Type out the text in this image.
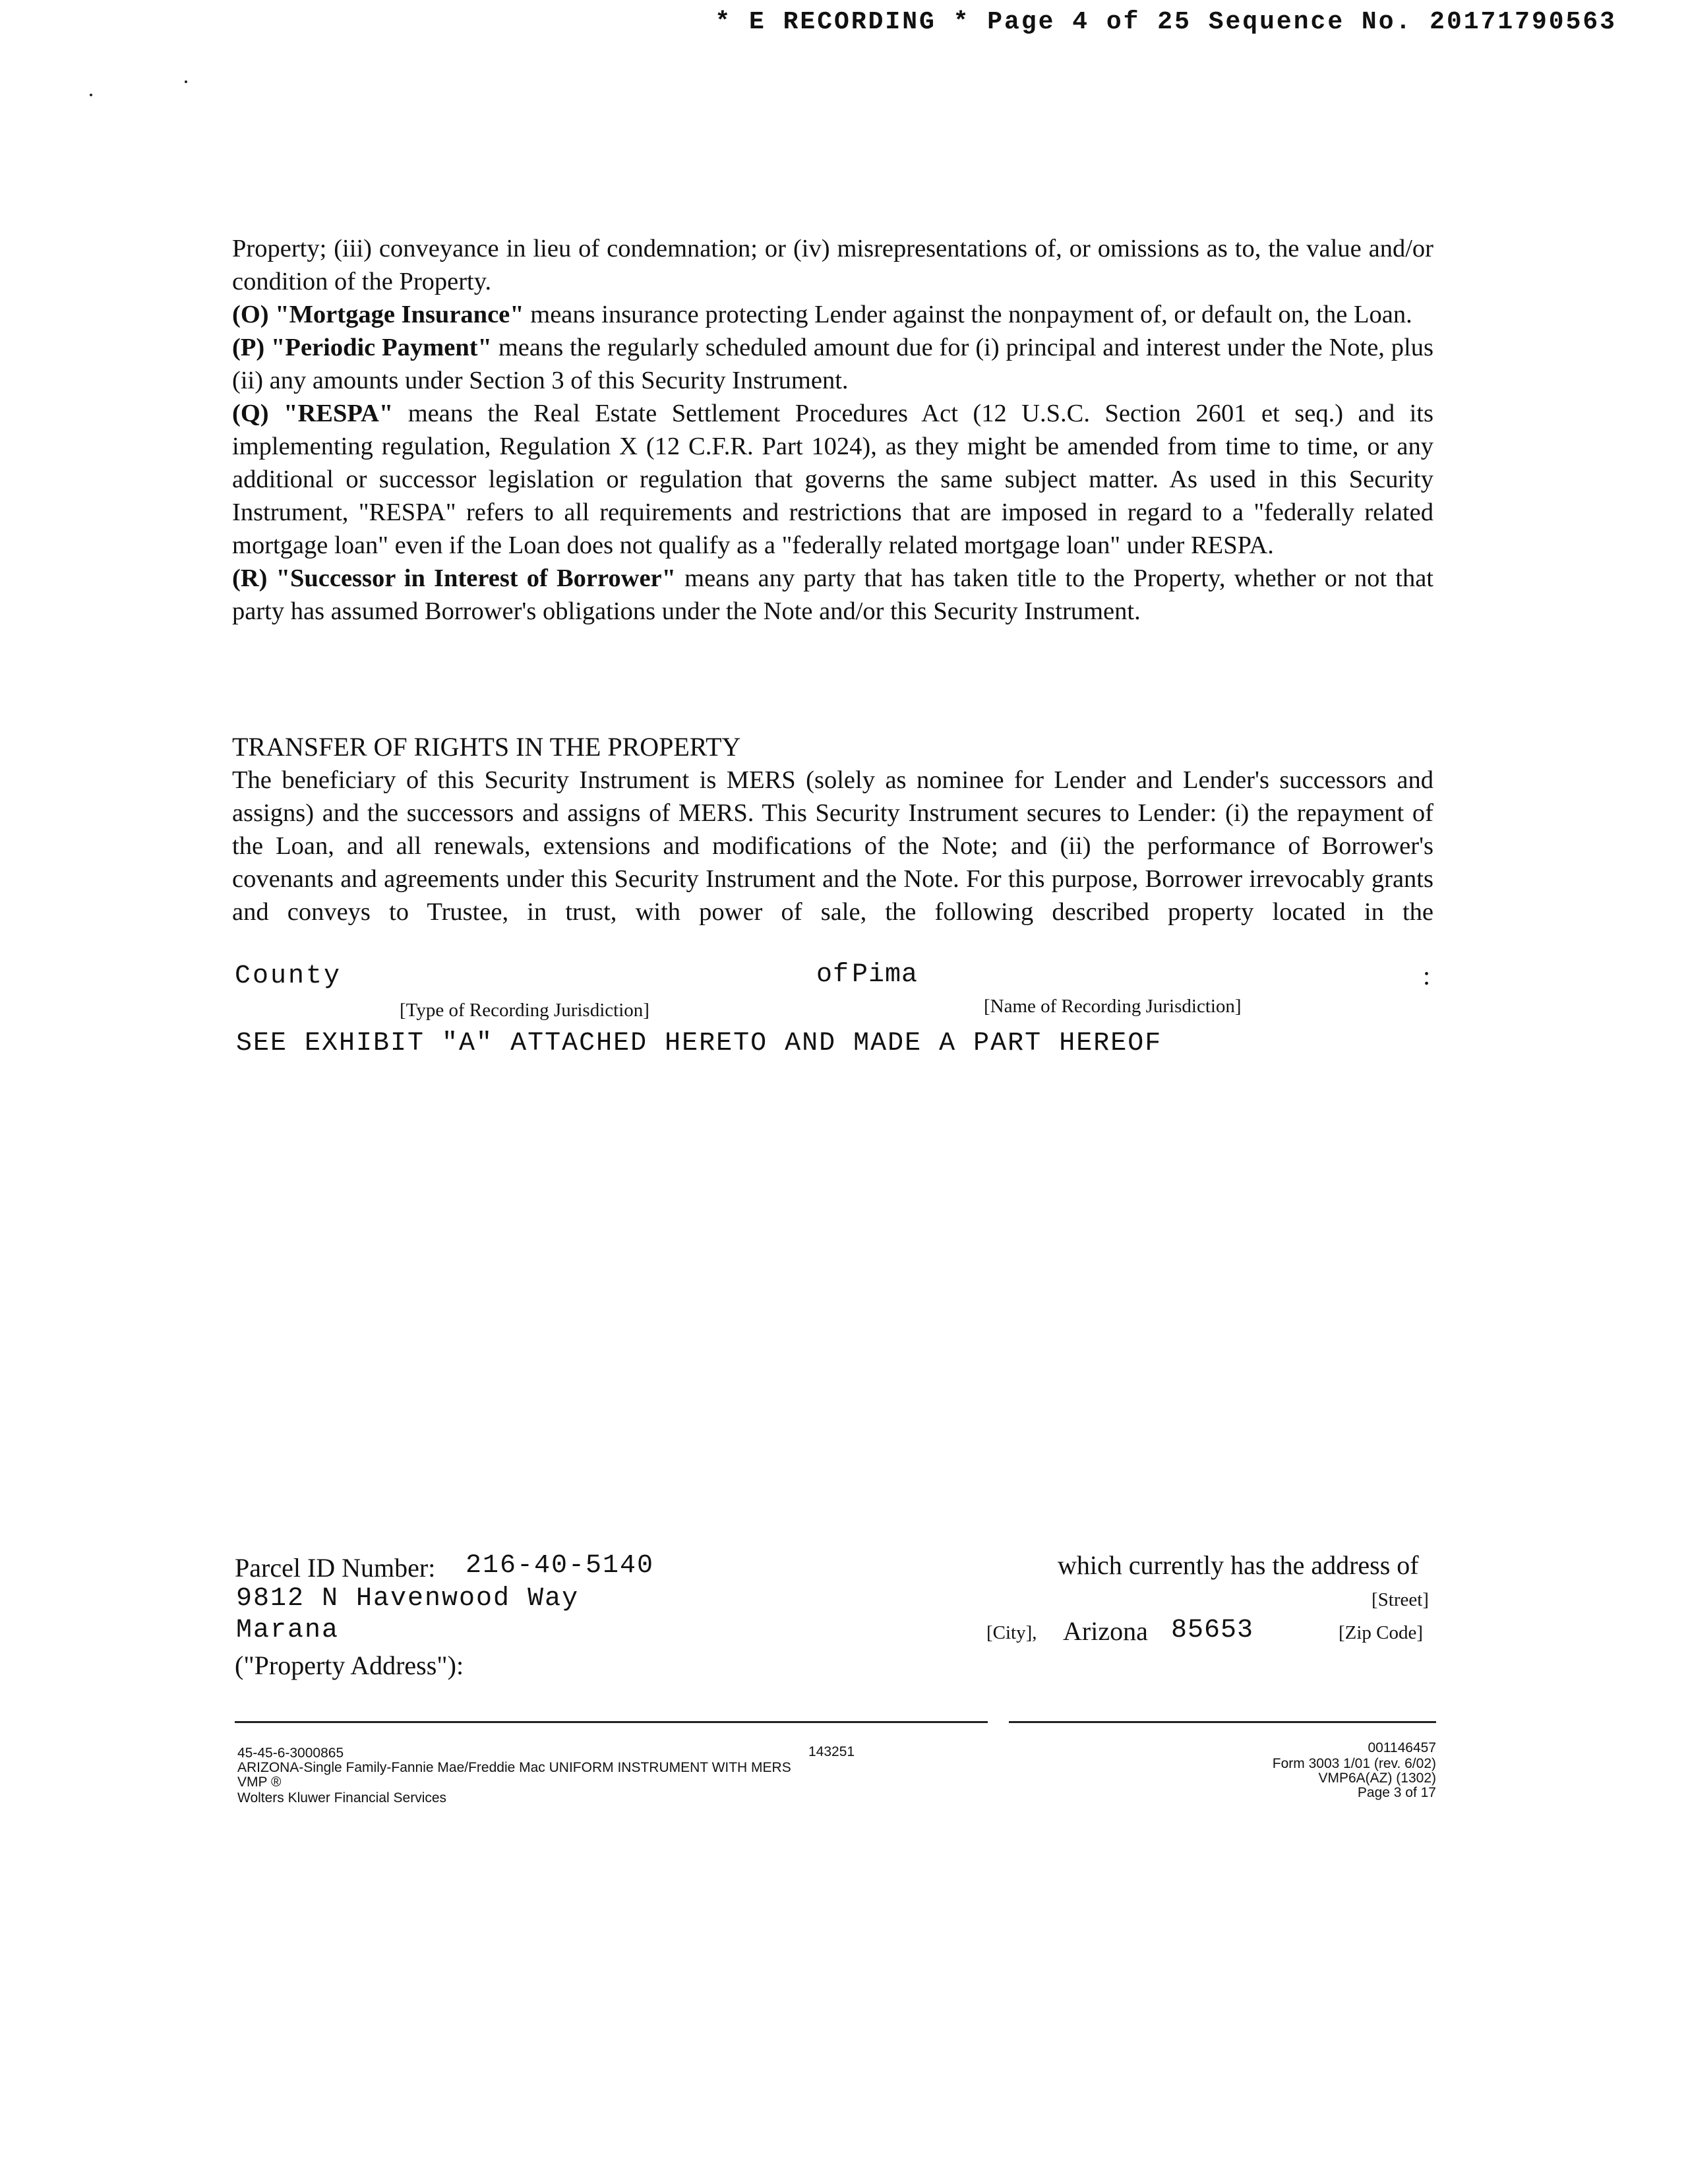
* E RECORDING * Page 4 of 25 Sequence No. 20171790563

Property; (iii) conveyance in lieu of condemnation; or (iv) misrepresentations of, or omissions as to, the value and/or condition of the Property.

(O) "Mortgage Insurance" means insurance protecting Lender against the nonpayment of, or default on, the Loan.

(P) "Periodic Payment" means the regularly scheduled amount due for (i) principal and interest under the Note, plus (ii) any amounts under Section 3 of this Security Instrument.

(Q) "RESPA" means the Real Estate Settlement Procedures Act (12 U.S.C. Section 2601 et seq.) and its implementing regulation, Regulation X (12 C.F.R. Part 1024), as they might be amended from time to time, or any additional or successor legislation or regulation that governs the same subject matter. As used in this Security Instrument, "RESPA" refers to all requirements and restrictions that are imposed in regard to a "federally related mortgage loan" even if the Loan does not qualify as a "federally related mortgage loan" under RESPA.

(R) "Successor in Interest of Borrower" means any party that has taken title to the Property, whether or not that party has assumed Borrower's obligations under the Note and/or this Security Instrument.

TRANSFER OF RIGHTS IN THE PROPERTY

The beneficiary of this Security Instrument is MERS (solely as nominee for Lender and Lender's successors and assigns) and the successors and assigns of MERS. This Security Instrument secures to Lender: (i) the repayment of the Loan, and all renewals, extensions and modifications of the Note; and (ii) the performance of Borrower's covenants and agreements under this Security Instrument and the Note. For this purpose, Borrower irrevocably grants and conveys to Trustee, in trust, with power of sale, the following described property located in the

County	of Pima	:
[Type of Recording Jurisdiction]	[Name of Recording Jurisdiction]
SEE EXHIBIT "A" ATTACHED HERETO AND MADE A PART HEREOF
Parcel ID Number: 216-40-5140	which currently has the address of
9812 N Havenwood Way	[Street]
Marana	[City], Arizona 85653	[Zip Code]
("Property Address"):
45-45-6-3000865	143251
ARIZONA-Single Family-Fannie Mae/Freddie Mac UNIFORM INSTRUMENT WITH MERS
VMP ®
Wolters Kluwer Financial Services
001146457
Form 3003 1/01 (rev. 6/02)
VMP6A(AZ) (1302)
Page 3 of 17
